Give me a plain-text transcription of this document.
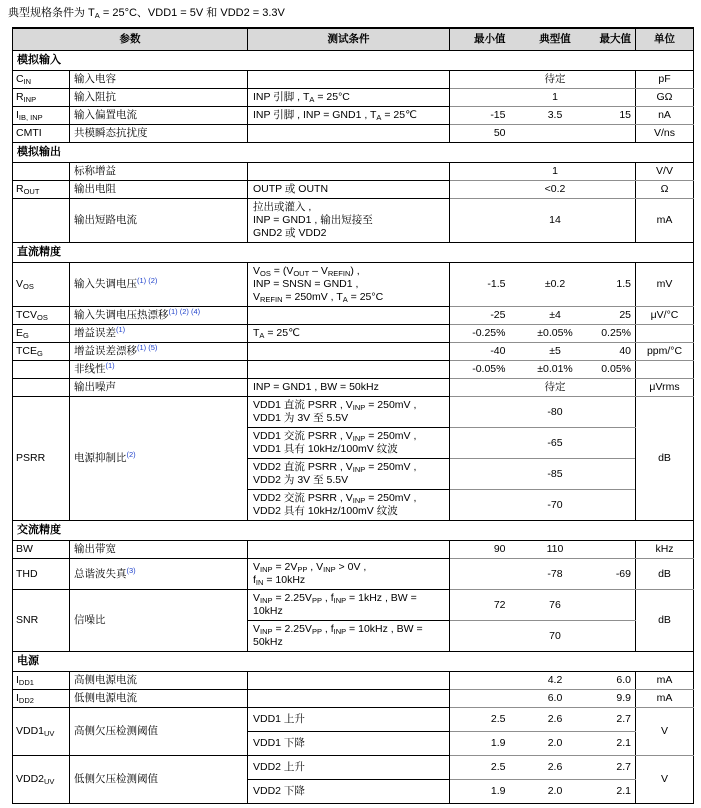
典型规格条件为 $T_A = 25^\circ C$、VDD1 = 5V 和 VDD2 = 3.3V
参数		测试条件	最小值	典型值	最大值	单位
模拟输入						
$C_{IN}$	输入电容			待定		pF
$R_{INP}$	输入阻抗	INP 引脚 , $T_A = 25^\circ C$		1		GΩ
$I_{IB, INP}$	输入偏置电流	INP 引脚 , INP = GND1 , $T_A$ = 25℃	-15	3.5	15	nA
CMTI	共模瞬态抗扰度		50			V/ns
模拟输出						
	标称增益			1		V/V
$R_{OUT}$	输出电阻	OUTP 或 OUTN		<0.2		Ω
	输出短路电流	拉出或灌入 ,
INP = GND1 , 输出短接至
GND2 或 VDD2		14		mA
直流精度						
$V_{OS}$	输入失调电压$^{(1) (2)}$	$V_{OS} = (V_{OUT} - V_{REFIN})$ ,
INP = SNSN = GND1 ,
$V_{REFIN} = 250mV$ , $T_A = 25^\circ C$	-1.5	±0.2	1.5	mV
$TCV_{OS}$	输入失调电压热漂移$^{(1) (2) (4)}$		-25	±4	25	μV/°C
$E_G$	增益误差$^{(1)}$	$T_A$ = 25℃	-0.25%	±0.05%	0.25%	
$TCE_G$	增益误差漂移$^{(1) (5)}$		-40	±5	40	ppm/°C
	非线性$^{(1)}$		-0.05%	±0.01%	0.05%	
	输出噪声	INP = GND1 , BW = 50kHz		待定		μVrms
PSRR	电源抑制比$^{(2)}$	VDD1 直流 PSRR , $V_{INP} = 250mV$ ,
VDD1 为 3V 至 5.5V		-80		dB
		VDD1 交流 PSRR , $V_{INP} = 250mV$ ,
VDD1 具有 10kHz/100mV 纹波		-65		
		VDD2 直流 PSRR , $V_{INP} = 250mV$ ,
VDD2 为 3V 至 5.5V		-85		
		VDD2 交流 PSRR , $V_{INP} = 250mV$ ,
VDD2 具有 10kHz/100mV 纹波		-70		
交流精度						
BW	输出带宽		90	110		kHz
THD	总谐波失真$^{(3)}$	$V_{INP} = 2V_{PP}$ , $V_{INP} > 0V$ ,
$f_{IN} = 10kHz$		-78	-69	dB
SNR	信噪比	$V_{INP} = 2.25V_{PP}$ , $f_{INP} = 1kHz$ , BW =
10kHz	72	76		dB
		$V_{INP} = 2.25V_{PP}$ , $f_{INP} = 10kHz$ , BW =
50kHz		70		
电源						
$I_{DD1}$	高侧电源电流			4.2	6.0	mA
$I_{DD2}$	低侧电源电流			6.0	9.9	mA
$VDD1_{UV}$	高侧欠压检测阈值	VDD1 上升	2.5	2.6	2.7	V
		VDD1 下降	1.9	2.0	2.1	
$VDD2_{UV}$	低侧欠压检测阈值	VDD2 上升	2.5	2.6	2.7	V
		VDD2 下降	1.9	2.0	2.1	
